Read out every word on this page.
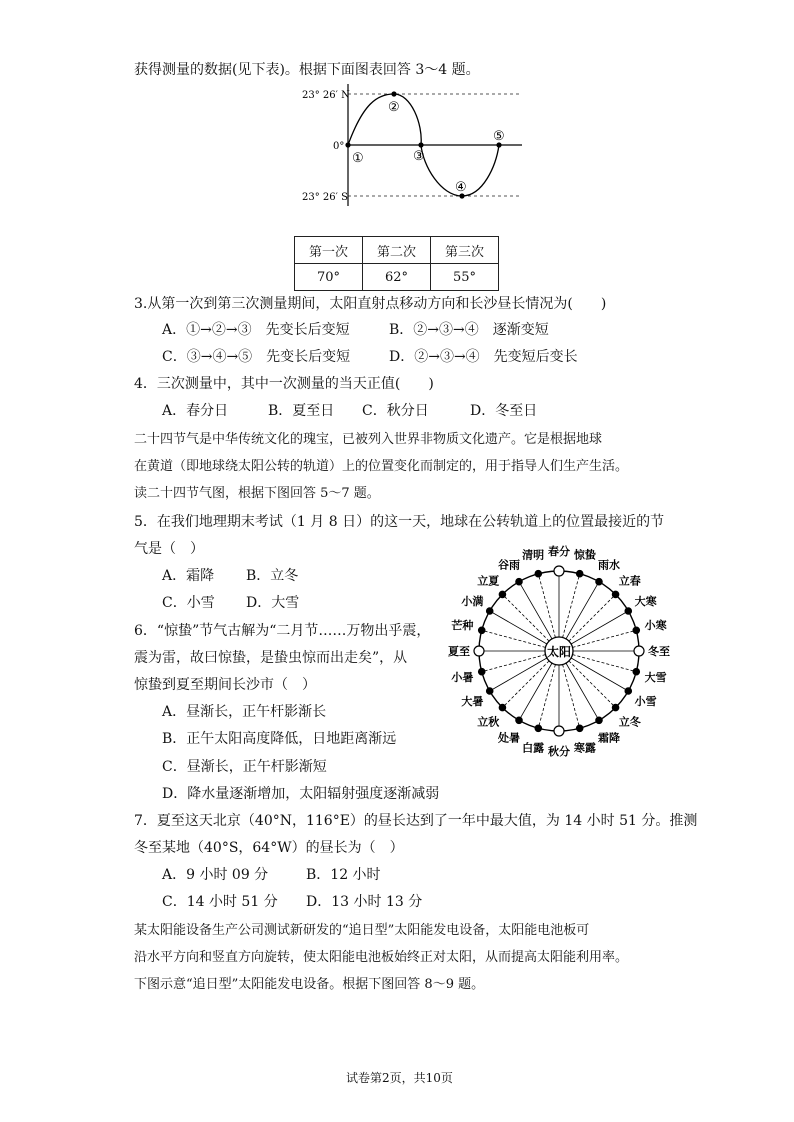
获得测量的数据(见下表)。根据下面图表回答 3～4 题。
23° 26′ N
0°
23° 26′ S
①
②
③
④
⑤
第一次	第二次	第三次
70°	62°	55°
3.从第一次到第三次测量期间，太阳直射点移动方向和长沙昼长情况为(　　)
A．①→②→③　先变长后变短	B．②→③→④　逐渐变短
C．③→④→⑤　先变长后变短	D．②→③→④　先变短后变长
4．三次测量中，其中一次测量的当天正值(　　)
A．春分日	B．夏至日 C．秋分日	D．冬至日
二十四节气是中华传统文化的瑰宝，已被列入世界非物质文化遗产。它是根据地球
在黄道（即地球绕太阳公转的轨道）上的位置变化而制定的，用于指导人们生产生活。
读二十四节气图，根据下图回答 5～7 题。
5．在我们地理期末考试（1 月 8 日）的这一天，地球在公转轨道上的位置最接近的节
气是（　）
A．霜降 B．立冬
C．小雪 D．大雪
6．“惊蛰”节气古解为“二月节……万物出乎震，
震为雷，故曰惊蛰，是蛰虫惊而出走矣”，从
惊蛰到夏至期间长沙市（　）
A．昼渐长，正午杆影渐长
B．正午太阳高度降低，日地距离渐远
C．昼渐长，正午杆影渐短
D．降水量逐渐增加，太阳辐射强度逐渐减弱
太阳
春分 惊蛰
雨水
立春
大寒
小寒
冬至
大雪
小雪
立冬
霜降
寒露
秋分
白露
处暑
立秋
大暑
小暑
夏至
芒种
小满
立夏
谷雨
清明
7．夏至这天北京（40°N，116°E）的昼长达到了一年中最大值，为 14 小时 51 分。推测
冬至某地（40°S，64°W）的昼长为（　）
A．9 小时 09 分	B．12 小时
C．14 小时 51 分 D．13 小时 13 分
某太阳能设备生产公司测试新研发的“追日型”太阳能发电设备，太阳能电池板可
沿水平方向和竖直方向旋转，使太阳能电池板始终正对太阳，从而提高太阳能利用率。
下图示意“追日型”太阳能发电设备。根据下图回答 8～9 题。
试卷第2页，共10页
